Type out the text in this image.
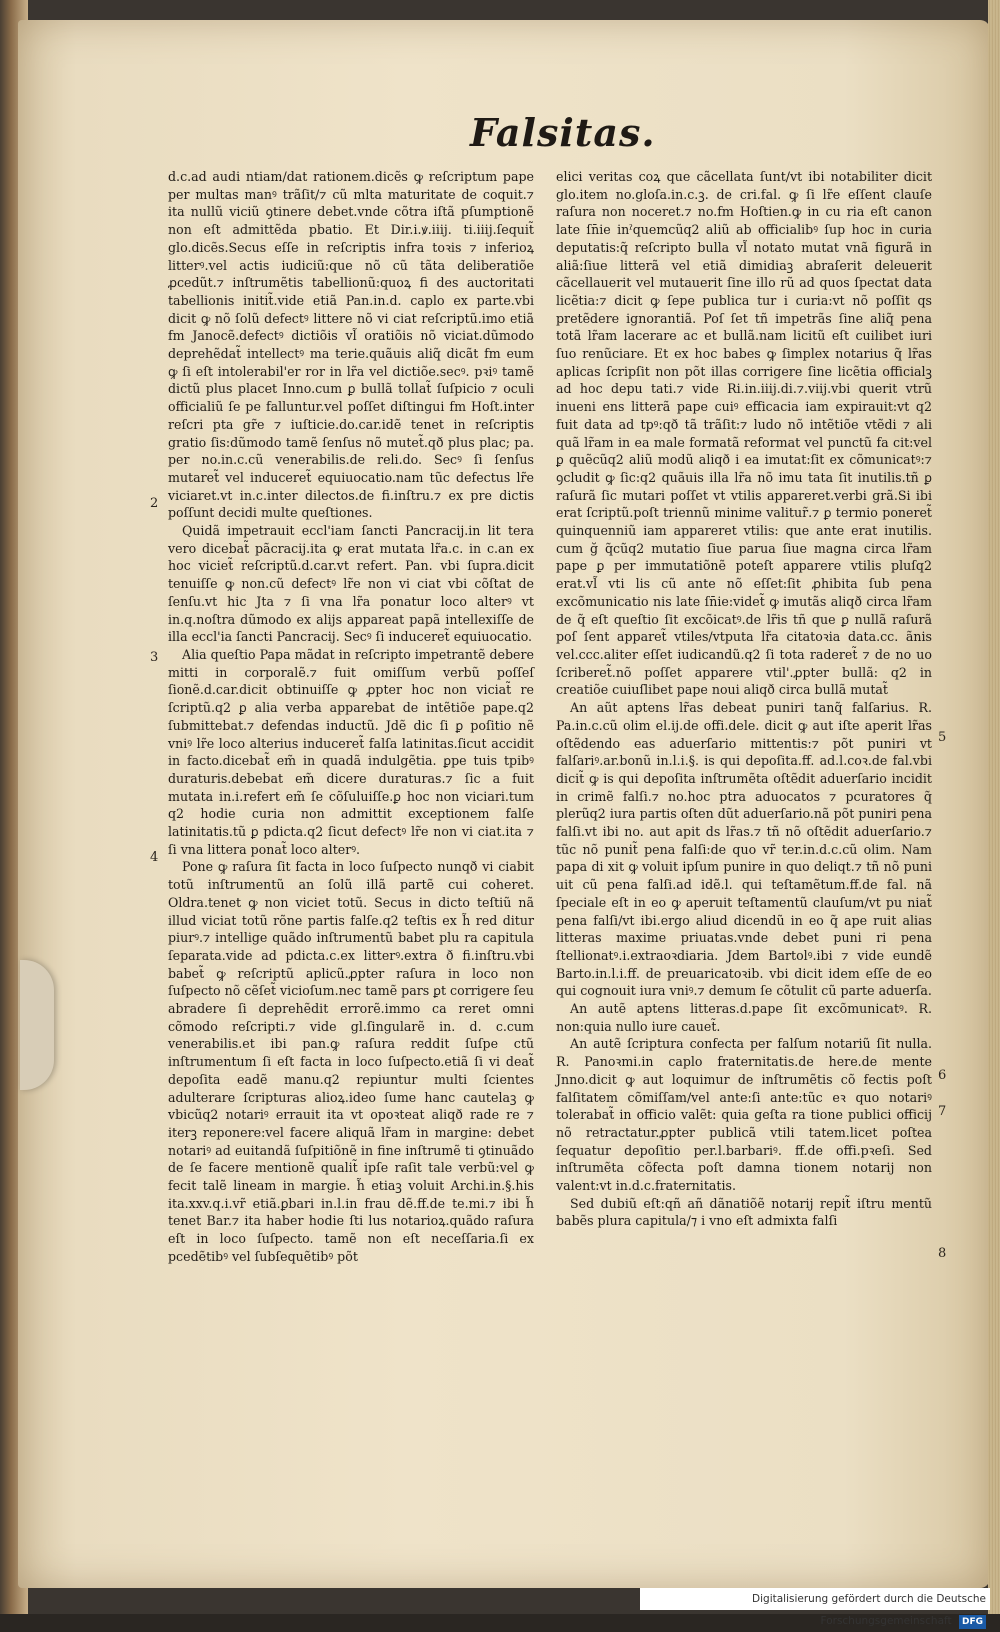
Falsitas.

d.c.ad audi ntiam/dat rationem.dicẽs ꝙ reſcriptum pape per multas manꝰ trãſit/⁊ cũ mlta maturitate de coquit.⁊ ita nullũ viciũ ꝯtinere debet.vnde cõtra iſtã pſumptionẽ non eſt admittẽda pbatio. Et Dir.i.ꝟ.iiij. ti.iiij.ſequit̃ glo.dicẽs.Secus eſſe in reſcriptis infra toꝛis ⁊ inferioꝝ litterꝰ.vel actis iudiciũ:que nõ cũ tãta deliberatiõe ꝓcedũt.⁊ inſtrumẽtis tabellionũ:quoꝝ fi des auctoritati tabellionis initit̃.vide etiã Pan.in.d. caplo ex parte.vbi dicit ꝙ nõ ſolũ defectꝰ littere nõ vi ciat reſcriptũ.imo etiã fm Janocẽ.defectꝰ dictiõis vl̃ oratiõis nõ viciat.dũmodo deprehẽdat̃ intellectꝰ ma terie.quãuis aliq̃ dicãt fm eum ꝙ ſi eſt intolerabil'er ror in lr̃a vel dictiõe.secꝰ. pꝛiꝰ tamẽ dictũ plus placet Inno.cum ꝑ bullã tollat̃ ſuſpicio ⁊ oculi officialiũ ſe pe falluntur.vel poſſet diſtingui fm Hoſt.inter reſcri pta gr̃e ⁊ iuſticie.do.car.idẽ tenet in reſcriptis gratio ſis:dũmodo tamẽ ſenſus nõ mutet̃.qð plus plac; pa. per no.in.c.cũ venerabilis.de reli.do. Secꝰ ſi ſenſus mutaret̃ vel induceret̃ equiuocatio.nam tũc defectus lr̃e viciaret.vt in.c.inter dilectos.de fi.inſtru.⁊ ex pre dictis poſſunt decidi multe queſtiones.

Quidã impetrauit eccl'iam ſancti Pancracij.in lit tera vero dicebat̃ pãcracij.ita ꝙ erat mutata lr̃a.c. in c.an ex hoc viciet̃ reſcriptũ.d.car.vt refert. Pan. vbi ſupra.dicit tenuiſſe ꝙ non.cũ defectꝰ lr̃e non vi ciat vbi cõſtat de ſenſu.vt hic Jta ⁊ ſi vna lr̃a ponatur loco alterꝰ vt in.q.noſtra dũmodo ex alijs appareat papã intellexiſſe de illa eccl'ia ſancti Pancracij. Secꝰ ſi induceret̃ equiuocatio.

Alia queſtio Papa mãdat in reſcripto impetrantẽ debere mitti in corporalẽ.⁊ fuit omiſſum verbũ poſſeſ ſionẽ.d.car.dicit obtinuiſſe ꝙ ꝓpter hoc non viciat̃ re ſcriptũ.q2 ꝑ alia verba apparebat de intẽtiõe pape.q2 ſubmittebat.⁊ defendas inductũ. Jdẽ dic ſi ꝑ poſitio nẽ vniꝰ lr̃e loco alterius induceret̃ falſa latinitas.ſicut accidit in facto.dicebat̃ em̃ in quadã indulgẽtia. ꝑpe tuis tpibꝰ duraturis.debebat em̃ dicere duraturas.⁊ ſic a fuit mutata in.i.refert em̃ ſe cõſuluiſſe.ꝑ hoc non viciari.tum q2 hodie curia non admittit exceptionem falſe latinitatis.tũ ꝑ pdicta.q2 ſicut defectꝰ lr̃e non vi ciat.ita ⁊ ſi vna littera ponat̃ loco alterꝰ.

Pone ꝙ raſura ſit facta in loco ſuſpecto nunqð vi ciabit totũ inſtrumentũ an ſolũ illã partẽ cui coheret. Oldra.tenet ꝙ non viciet totũ. Secus in dicto teſtiũ nã illud viciat totũ rõne partis falſe.q2 teſtis ex h̃ red ditur piurꝰ.⁊ intellige quãdo inſtrumentũ babet plu ra capitula ſeparata.vide ad pdicta.c.ex litterꝰ.extra ð fi.inſtru.vbi babet̃ ꝙ reſcriptũ aplicũ.ꝓpter raſura in loco non ſuſpecto nõ cẽſet̃ vicioſum.nec tamẽ pars ꝑt corrigere ſeu abradere ſi deprehẽdit errorẽ.immo ca reret omni cõmodo reſcripti.⁊ vide gl.ſingularẽ in. d. c.cum venerabilis.et ibi pan.ꝙ raſura reddit ſuſpe ctũ inſtrumentum ſi eſt facta in loco ſuſpecto.etiã ſi vi deat̃ depoſita eadẽ manu.q2 repiuntur multi ſcientes adulterare ſcripturas alioꝝ.ideo ſume hanc cautelaꝫ ꝙ vbicũq2 notariꝰ errauit ita vt opoꝛteat aliqð rade re ⁊ iterꝫ reponere:vel facere aliquã lr̃am in margine: debet notariꝰ ad euitandã ſuſpitiõnẽ in fine inſtrumẽ ti ꝯtinuãdo de ſe facere mentionẽ qualit̃ ipſe raſit tale verbũ:vel ꝙ fecit talẽ lineam in margie. h̃ etiaꝫ voluit Archi.in.§.his ita.xxv.q.i.vr̃ etiã.ꝑbari in.l.in frau dẽ.ff.de te.mi.⁊ ibi h̃ tenet Bar.⁊ ita haber hodie ſti lus notarioꝝ.quãdo raſura eſt in loco ſuſpecto. tamẽ non eſt neceſſaria.ſi ex pcedẽtibꝰ vel ſubſequẽtibꝰ põt

elici veritas coꝝ que cãcellata ſunt/vt ibi notabiliter dicit glo.item no.gloſa.in.c.ꝫ. de cri.fal. ꝙ ſi lr̃e eſſent clauſe raſura non noceret.⁊ no.fm Hoſtien.ꝙ in cu ria eſt canon late ſn̄ie inˀquemcũq2 aliũ ab officialibꝰ ſup hoc in curia deputatis:q̃ reſcripto bulla vl̃ notato mutat vnã figurã in aliã:ſiue litterã vel etiã dimidiaꝫ abraſerit deleuerit cãcellauerit vel mutauerit ſine illo rũ ad quos ſpectat data licẽtia:⁊ dicit ꝙ ſepe publica tur i curia:vt nõ poſſit qs pretẽdere ignorantiã. Poſ ſet tñ impetrãs ſine aliq̃ pena totã lr̃am lacerare ac et bullã.nam licitũ eſt cuilibet iuri ſuo renũciare. Et ex hoc babes ꝙ ſimplex notarius q̃ lr̃as aplicas ſcripſit non põt illas corrigere ſine licẽtia officialꝫ ad hoc depu tati.⁊ vide Ri.in.iiij.di.⁊.viij.vbi querit vtrũ inueni ens litterã pape cuiꝰ efficacia iam expirauit:vt q2 fuit data ad tpꝰ:qð tã trãſit:⁊ ludo nõ intẽtiõe vtẽdi ⁊ ali quã lr̃am in ea male formatã reformat vel punctũ fa cit:vel ꝑ quẽcũq2 aliũ modũ aliqð i ea imutat:ſit ex cõmunicatꝰ:⁊ ꝯcludit ꝙ ſic:q2 quãuis illa lr̃a nõ imu tata ſit inutilis.tñ ꝑ raſurã ſic mutari poſſet vt vtilis appareret.verbi grã.Si ibi erat ſcriptũ.poſt triennũ minime valitur̃.⁊ ꝑ termio poneret̃ quinquenniũ iam appareret vtilis: que ante erat inutilis. cum ğ q̃cũq2 mutatio ſiue parua ſiue magna circa lr̃am pape ꝑ per immutatiõnẽ poteſt apparere vtilis pluſq2 erat.vl̃ vti lis cũ ante nõ eſſet:ſit ꝓhibita ſub pena excõmunicatio nis late ſn̄ie:videt̃ ꝙ imutãs aliqð circa lr̃am de q̃ eſt queſtio ſit excõicatꝰ.de lr̃is tñ que ꝑ nullã raſurã poſ ſent apparet̃ vtiles/vtputa lr̃a citatoꝛia data.cc. ãnis vel.ccc.aliter eſſet iudicandũ.q2 ſi tota raderet̃ ⁊ de no uo ſcriberet̃.nõ poſſet apparere vtil'.ꝓpter bullã: q2 in creatiõe cuiuſlibet pape noui aliqð circa bullã mutat̃

An aũt aptens lr̃as debeat puniri tanq̃ falſarius. R. Pa.in.c.cũ olim el.ij.de offi.dele. dicit ꝙ aut iſte aperit lr̃as oſtẽdendo eas aduerſario mittentis:⁊ põt puniri vt falſariꝰ.ar.bonũ in.l.i.§. is qui depoſita.ff. ad.l.coꝛ.de fal.vbi dicit̃ ꝙ is qui depoſita inſtrumẽta oſtẽdit aduerſario incidit in crimẽ falſi.⁊ no.hoc ptra aduocatos ⁊ pcuratores q̃ plerũq2 iura partis oſten dũt aduerſario.nã põt puniri pena falſi.vt ibi no. aut apit ds lr̃as.⁊ tñ nõ oſtẽdit aduerſario.⁊ tũc nõ punit̃ pena falſi:de quo vr̃ ter.in.d.c.cũ olim. Nam papa di xit ꝙ voluit ipſum punire in quo deliqt.⁊ tñ nõ puni uit cũ pena falſi.ad idẽ.l. qui teſtamẽtum.ff.de fal. nã ſpeciale eſt in eo ꝙ aperuit teſtamentũ clauſum/vt pu niat̃ pena falſi/vt ibi.ergo aliud dicendũ in eo q̃ ape ruit alias litteras maxime priuatas.vnde debet puni ri pena ſtellionatꝰ.i.extraoꝛdiaria. Jdem Bartolꝰ.ibi ⁊ vide eundẽ Barto.in.l.i.ff. de preuaricatoꝛib. vbi dicit idem eſſe de eo qui cognouit iura vniꝰ.⁊ demum ſe cõtulit cũ parte aduerſa.

An autẽ aptens litteras.d.pape ſit excõmunicatꝰ. R. non:quia nullo iure cauet̃.

An autẽ ſcriptura confecta per falſum notariũ ſit nulla. R. Panoꝛmi.in caplo fraternitatis.de here.de mente Jnno.dicit ꝙ aut loquimur de inſtrumẽtis cõ fectis poſt falſitatem cõmiſſam/vel ante:ſi ante:tũc eꝛ quo notariꝰ tolerabat̃ in officio valẽt: quia geſta ra tione publici officij nõ retractatur.ꝓpter publicã vtili tatem.licet poſtea ſequatur depoſitio per.l.barbariꝰ. ff.de offi.pꝛeſi. Sed inſtrumẽta cõfecta poſt damna tionem notarij non valent:vt in.d.c.fraternitatis.

Sed dubiũ eſt:qñ añ dãnatiõẽ notarij repit̃ iſtru mentũ babẽs plura capitula/⁊ i vno eſt admixta falſi

2
3
4
5
6
7
8
Digitalisierung gefördert durch die Deutsche Forschungsgemeinschaft DFG
